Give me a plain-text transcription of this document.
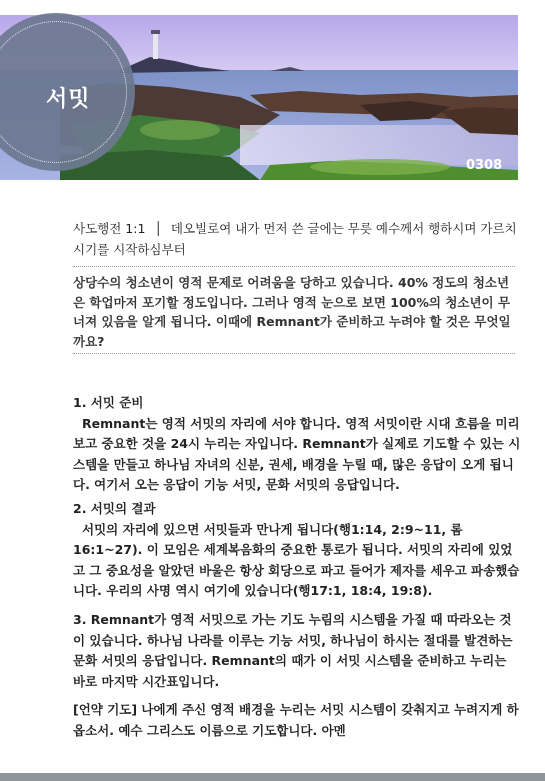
서밋
0308
사도행전 1:1 │ 데오빌로여 내가 먼저 쓴 글에는 무릇 예수께서 행하시며 가르치시기를 시작하심부터
상당수의 청소년이 영적 문제로 어려움을 당하고 있습니다. 40% 정도의 청소년은 학업마저 포기할 정도입니다. 그러나 영적 눈으로 보면 100%의 청소년이 무너져 있음을 알게 됩니다. 이때에 Remnant가 준비하고 누려야 할 것은 무엇일까요?
1. 서밋 준비
Remnant는 영적 서밋의 자리에 서야 합니다. 영적 서밋이란 시대 흐름을 미리 보고 중요한 것을 24시 누리는 자입니다. Remnant가 실제로 기도할 수 있는 시스템을 만들고 하나님 자녀의 신분, 권세, 배경을 누릴 때, 많은 응답이 오게 됩니다. 여기서 오는 응답이 기능 서밋, 문화 서밋의 응답입니다.
2. 서밋의 결과
서밋의 자리에 있으면 서밋들과 만나게 됩니다(행1:14, 2:9~11, 롬16:1~27). 이 모임은 세계복음화의 중요한 통로가 됩니다. 서밋의 자리에 있었고 그 중요성을 알았던 바울은 항상 회당으로 파고 들어가 제자를 세우고 파송했습니다. 우리의 사명 역시 여기에 있습니다(행17:1, 18:4, 19:8).
3. Remnant가 영적 서밋으로 가는 기도 누림의 시스템을 가질 때 따라오는 것이 있습니다. 하나님 나라를 이루는 기능 서밋, 하나님이 하시는 절대를 발견하는 문화 서밋의 응답입니다. Remnant의 때가 이 서밋 시스템을 준비하고 누리는 바로 마지막 시간표입니다.
[언약 기도] 나에게 주신 영적 배경을 누리는 서밋 시스템이 갖춰지고 누려지게 하옵소서. 예수 그리스도 이름으로 기도합니다. 아멘
